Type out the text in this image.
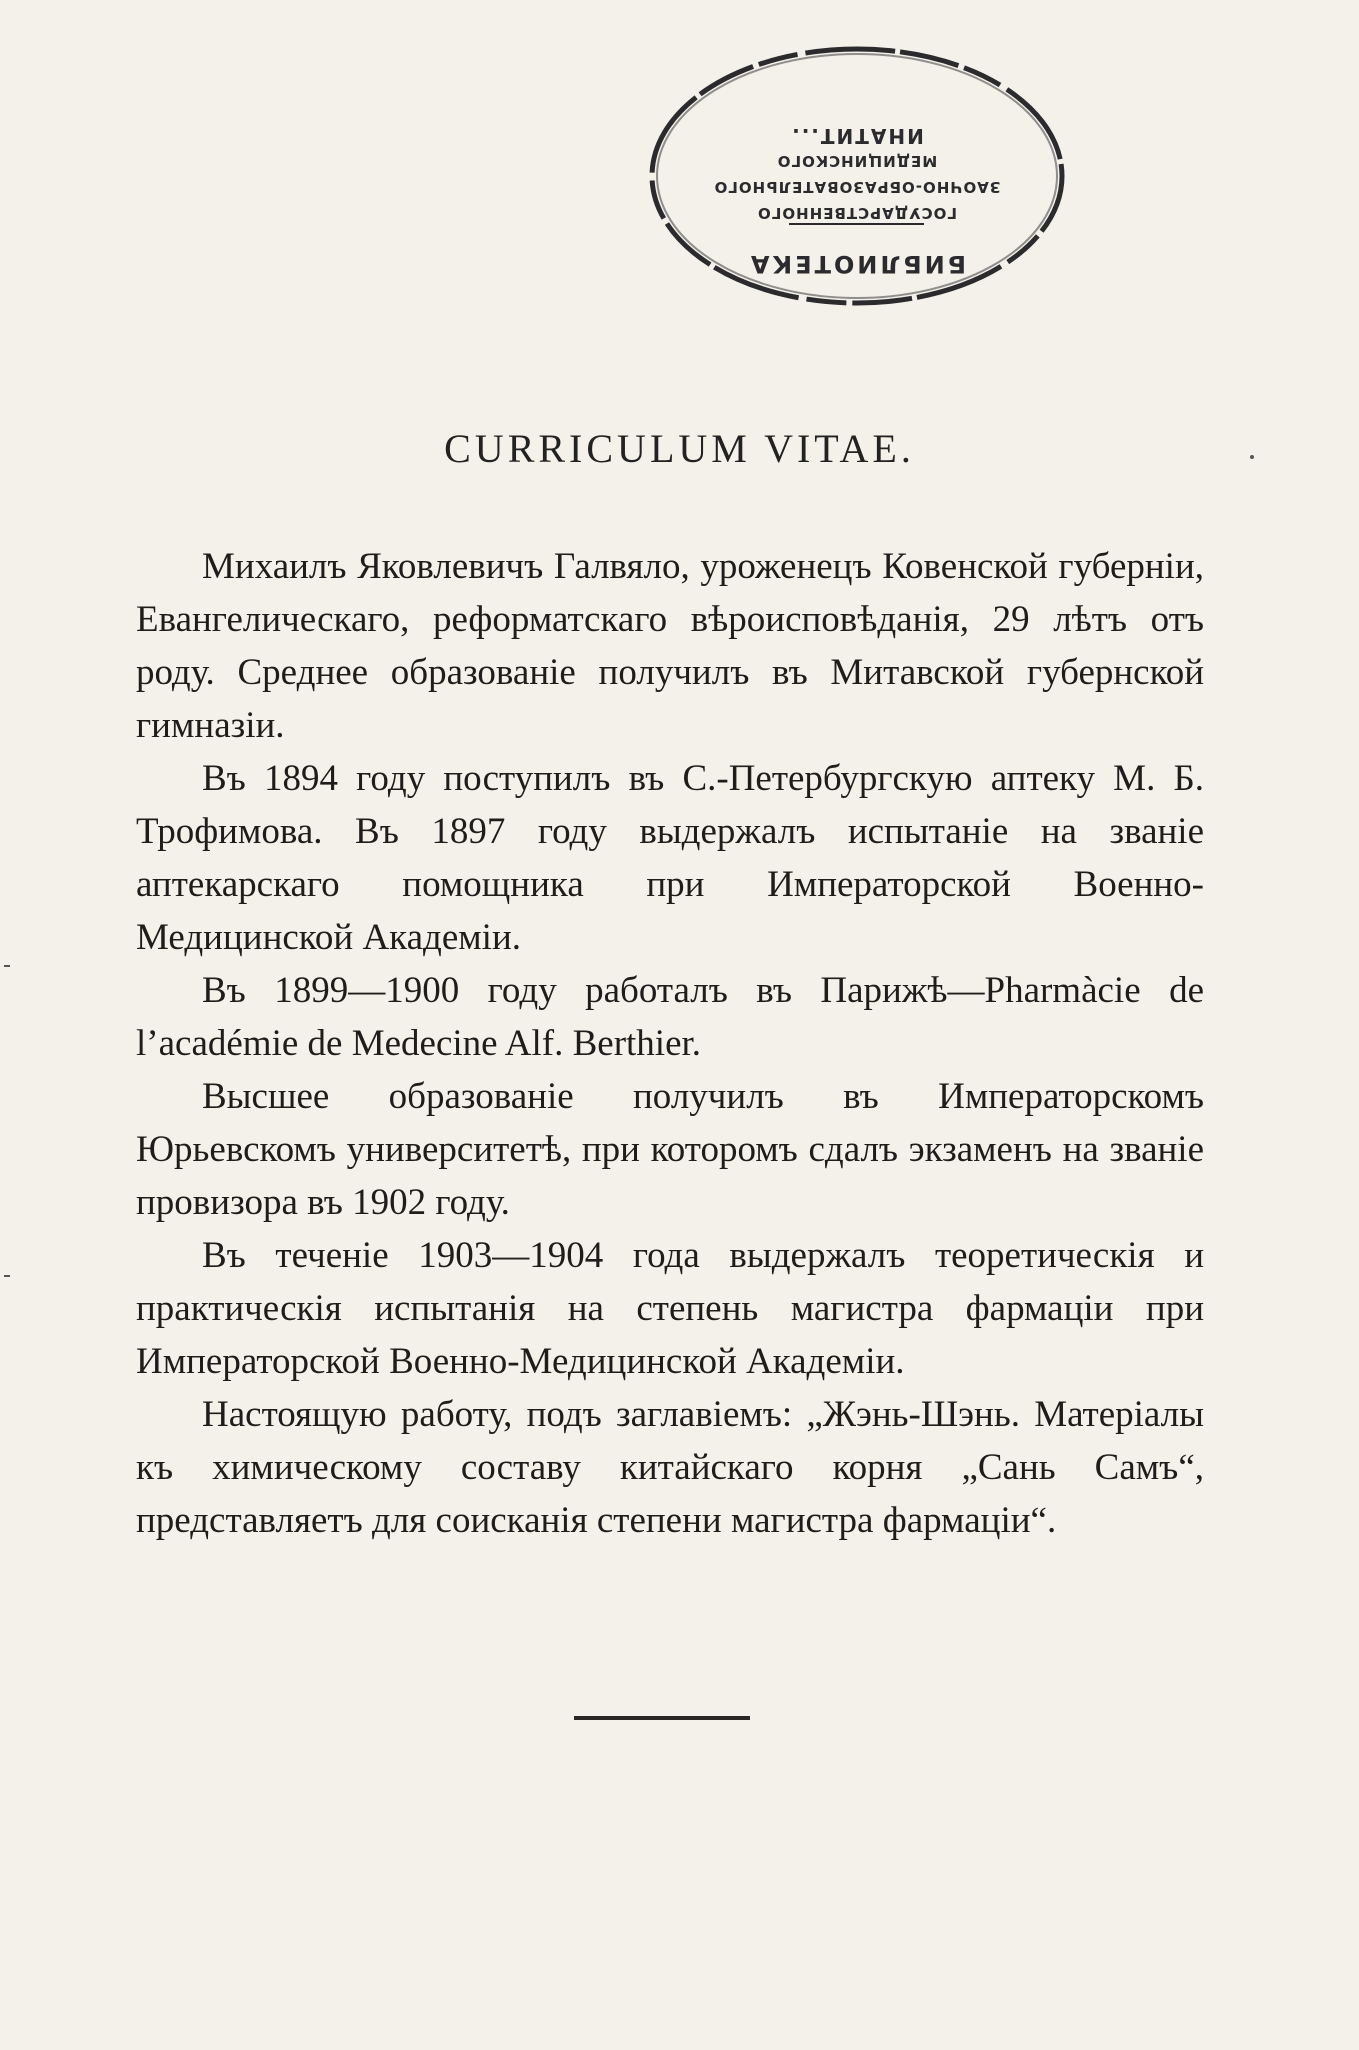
ИНАТИТ...
МЕДИЦИНСКОГО
ЗАОЧНО-ОБРАЗОВАТЕЛЬНОГО
ГОСУДАРСТВЕННОГО
БИБЛИОТЕКА
CURRICULUM VITAE.

Михаилъ Яковлевичъ Галвяло, уроженецъ Ковенской губерніи, Евангелическаго, реформатскаго вѣроисповѣданія, 29 лѣтъ отъ роду. Среднее образованіе получилъ въ Митавской губернской гимназіи.

Въ 1894 году поступилъ въ С.-Петербургскую аптеку М. Б. Трофимова. Въ 1897 году выдержалъ испытаніе на званіе аптекарскаго помощника при Императорской Военно-Медицинской Академіи.

Въ 1899—1900 году работалъ въ Парижѣ—Pharmàcie de l’académie de Medecine Alf. Berthier.

Высшее образованіе получилъ въ Императорскомъ Юрьевскомъ университетѣ, при которомъ сдалъ экзаменъ на званіе провизора въ 1902 году.

Въ теченіе 1903—1904 года выдержалъ теоретическія и практическія испытанія на степень магистра фармаціи при Императорской Военно-Медицинской Академіи.

Настоящую работу, подъ заглавіемъ: „Жэнь-Шэнь. Матеріалы къ химическому составу китайскаго корня „Сань Самъ“, представляетъ для соисканія степени магистра фармаціи“.
